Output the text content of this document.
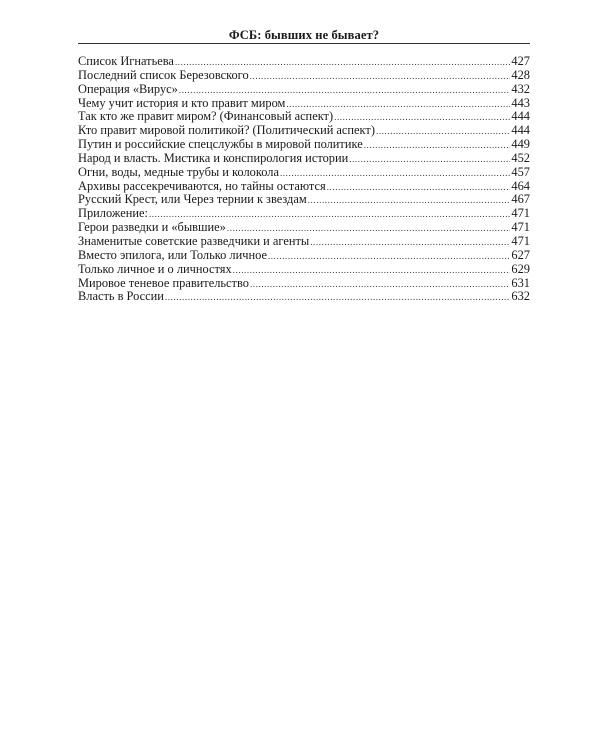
ФСБ: бывших не бывает?
Список Игнатьева .....	427
Последний список Березовского .....	428
Операция «Вирус» .....	432
Чему учит история и кто правит миром .....	443
Так кто же правит миром? (Финансовый аспект) .....	444
Кто правит мировой политикой? (Политический аспект) .....	444
Путин и российские спецслужбы в мировой политике .....	449
Народ и власть. Мистика и конспирология истории .....	452
Огни, воды, медные трубы и колокола .....	457
Архивы рассекречиваются, но тайны остаются .....	464
Русский Крест, или Через тернии к звездам .....	467
Приложение: .....	471
Герои разведки и «бывшие» .....	471
Знаменитые советские разведчики и агенты .....	471
Вместо эпилога, или Только личное .....	627
Только личное и о личностях .....	629
Мировое теневое правительство .....	631
Власть в России .....	632
